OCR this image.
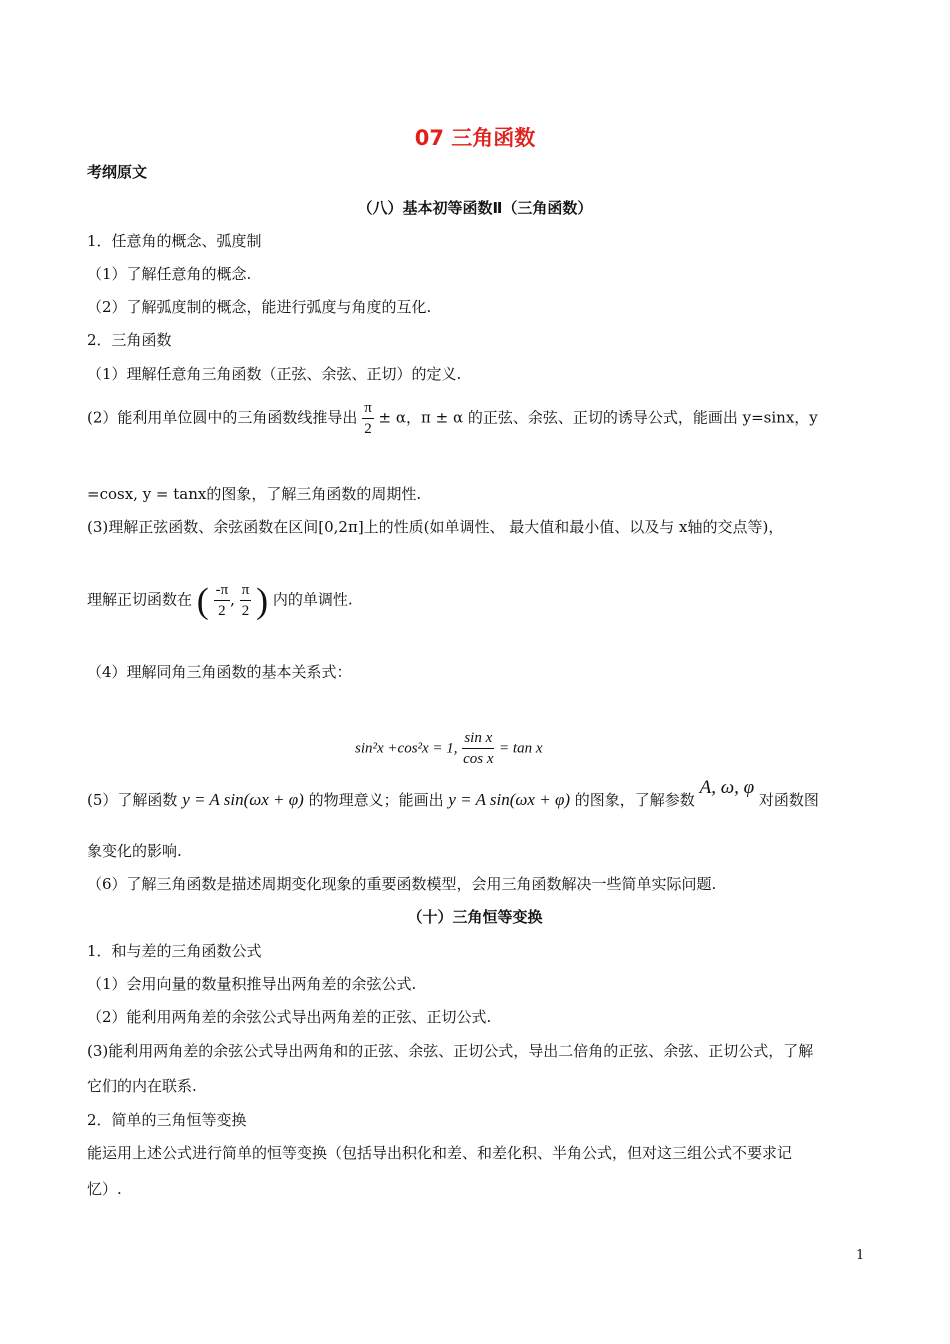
07 三角函数
考纲原文
（八）基本初等函数Ⅱ（三角函数）
1．任意角的概念、弧度制
（1）了解任意角的概念.
（2）了解弧度制的概念，能进行弧度与角度的互化.
2．三角函数
（1）理解任意角三角函数（正弦、余弦、正切）的定义.
(2）能利用单位圆中的三角函数线推导出 $\frac{\pi}{2} \pm \alpha$，π ± α 的正弦、余弦、正切的诱导公式，能画出 y=sinx，y
=cosx, y = tanx的图象，了解三角函数的周期性.
(3)理解正弦函数、余弦函数在区间[0,2π]上的性质(如单调性、 最大值和最小值、以及与 x轴的交点等)，
理解正切函数在 ( $\frac{-\pi}{2}$ , $\frac{\pi}{2}$ ) 内的单调性.
（4）理解同角三角函数的基本关系式：
sin²x +cos²x = 1, $\frac{\text{sin x}}{\text{cos x}} = \tan x$
(5）了解函数 y = A sin(ωx + φ) 的物理意义；能画出 y = A sin(ωx + φ) 的图象，了解参数 A, ω, φ 对函数图
象变化的影响.
（6）了解三角函数是描述周期变化现象的重要函数模型，会用三角函数解决一些简单实际问题.
（十）三角恒等变换
1．和与差的三角函数公式
（1）会用向量的数量积推导出两角差的余弦公式.
（2）能利用两角差的余弦公式导出两角差的正弦、正切公式.
(3)能利用两角差的余弦公式导出两角和的正弦、余弦、正切公式，导出二倍角的正弦、余弦、正切公式，了解
它们的内在联系.
2．简单的三角恒等变换
能运用上述公式进行简单的恒等变换（包括导出积化和差、和差化积、半角公式，但对这三组公式不要求记
忆）.
1
